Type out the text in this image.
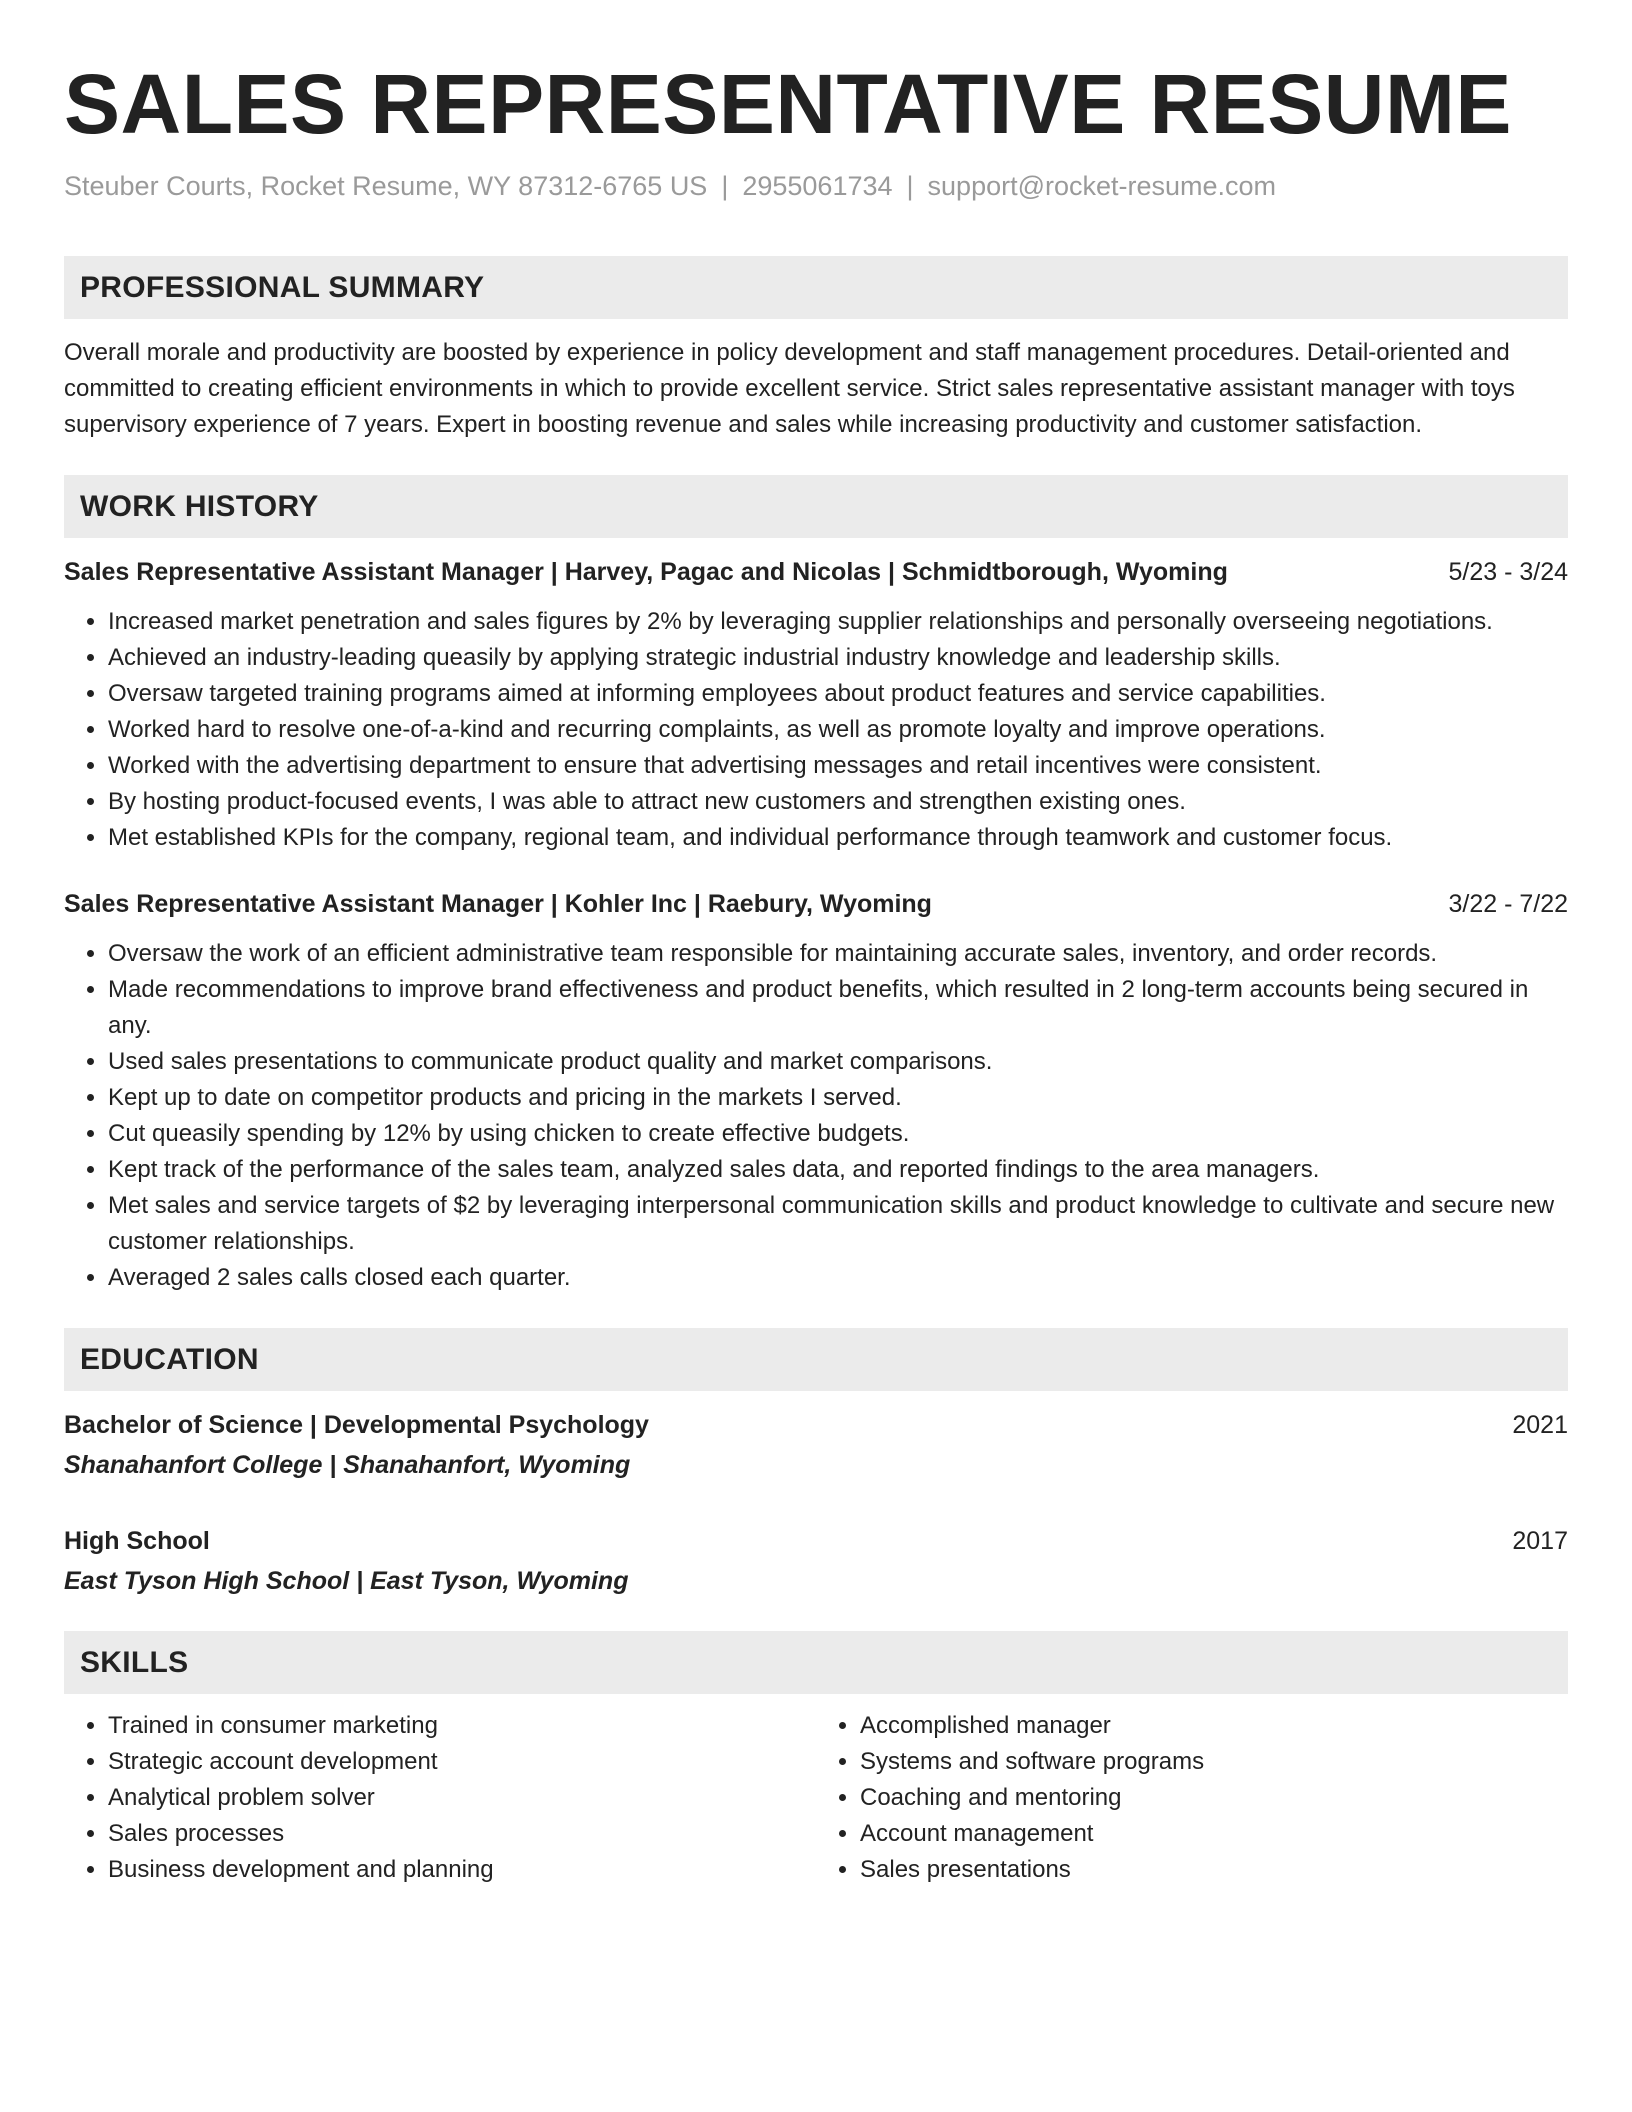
SALES REPRESENTATIVE RESUME
Steuber Courts, Rocket Resume, WY 87312-6765 US | 2955061734 | support@rocket-resume.com
PROFESSIONAL SUMMARY
Overall morale and productivity are boosted by experience in policy development and staff management procedures. Detail-oriented and committed to creating efficient environments in which to provide excellent service. Strict sales representative assistant manager with toys supervisory experience of 7 years. Expert in boosting revenue and sales while increasing productivity and customer satisfaction.
WORK HISTORY
Sales Representative Assistant Manager | Harvey, Pagac and Nicolas | Schmidtborough, Wyoming	5/23 - 3/24
• Increased market penetration and sales figures by 2% by leveraging supplier relationships and personally overseeing negotiations.
• Achieved an industry-leading queasily by applying strategic industrial industry knowledge and leadership skills.
• Oversaw targeted training programs aimed at informing employees about product features and service capabilities.
• Worked hard to resolve one-of-a-kind and recurring complaints, as well as promote loyalty and improve operations.
• Worked with the advertising department to ensure that advertising messages and retail incentives were consistent.
• By hosting product-focused events, I was able to attract new customers and strengthen existing ones.
• Met established KPIs for the company, regional team, and individual performance through teamwork and customer focus.
Sales Representative Assistant Manager | Kohler Inc | Raebury, Wyoming	3/22 - 7/22
• Oversaw the work of an efficient administrative team responsible for maintaining accurate sales, inventory, and order records.
• Made recommendations to improve brand effectiveness and product benefits, which resulted in 2 long-term accounts being secured in any.
• Used sales presentations to communicate product quality and market comparisons.
• Kept up to date on competitor products and pricing in the markets I served.
• Cut queasily spending by 12% by using chicken to create effective budgets.
• Kept track of the performance of the sales team, analyzed sales data, and reported findings to the area managers.
• Met sales and service targets of $2 by leveraging interpersonal communication skills and product knowledge to cultivate and secure new customer relationships.
• Averaged 2 sales calls closed each quarter.
EDUCATION
Bachelor of Science | Developmental Psychology	2021
Shanahanfort College | Shanahanfort, Wyoming
High School	2017
East Tyson High School | East Tyson, Wyoming
SKILLS
• Trained in consumer marketing
• Strategic account development
• Analytical problem solver
• Sales processes
• Business development and planning
• Accomplished manager
• Systems and software programs
• Coaching and mentoring
• Account management
• Sales presentations
